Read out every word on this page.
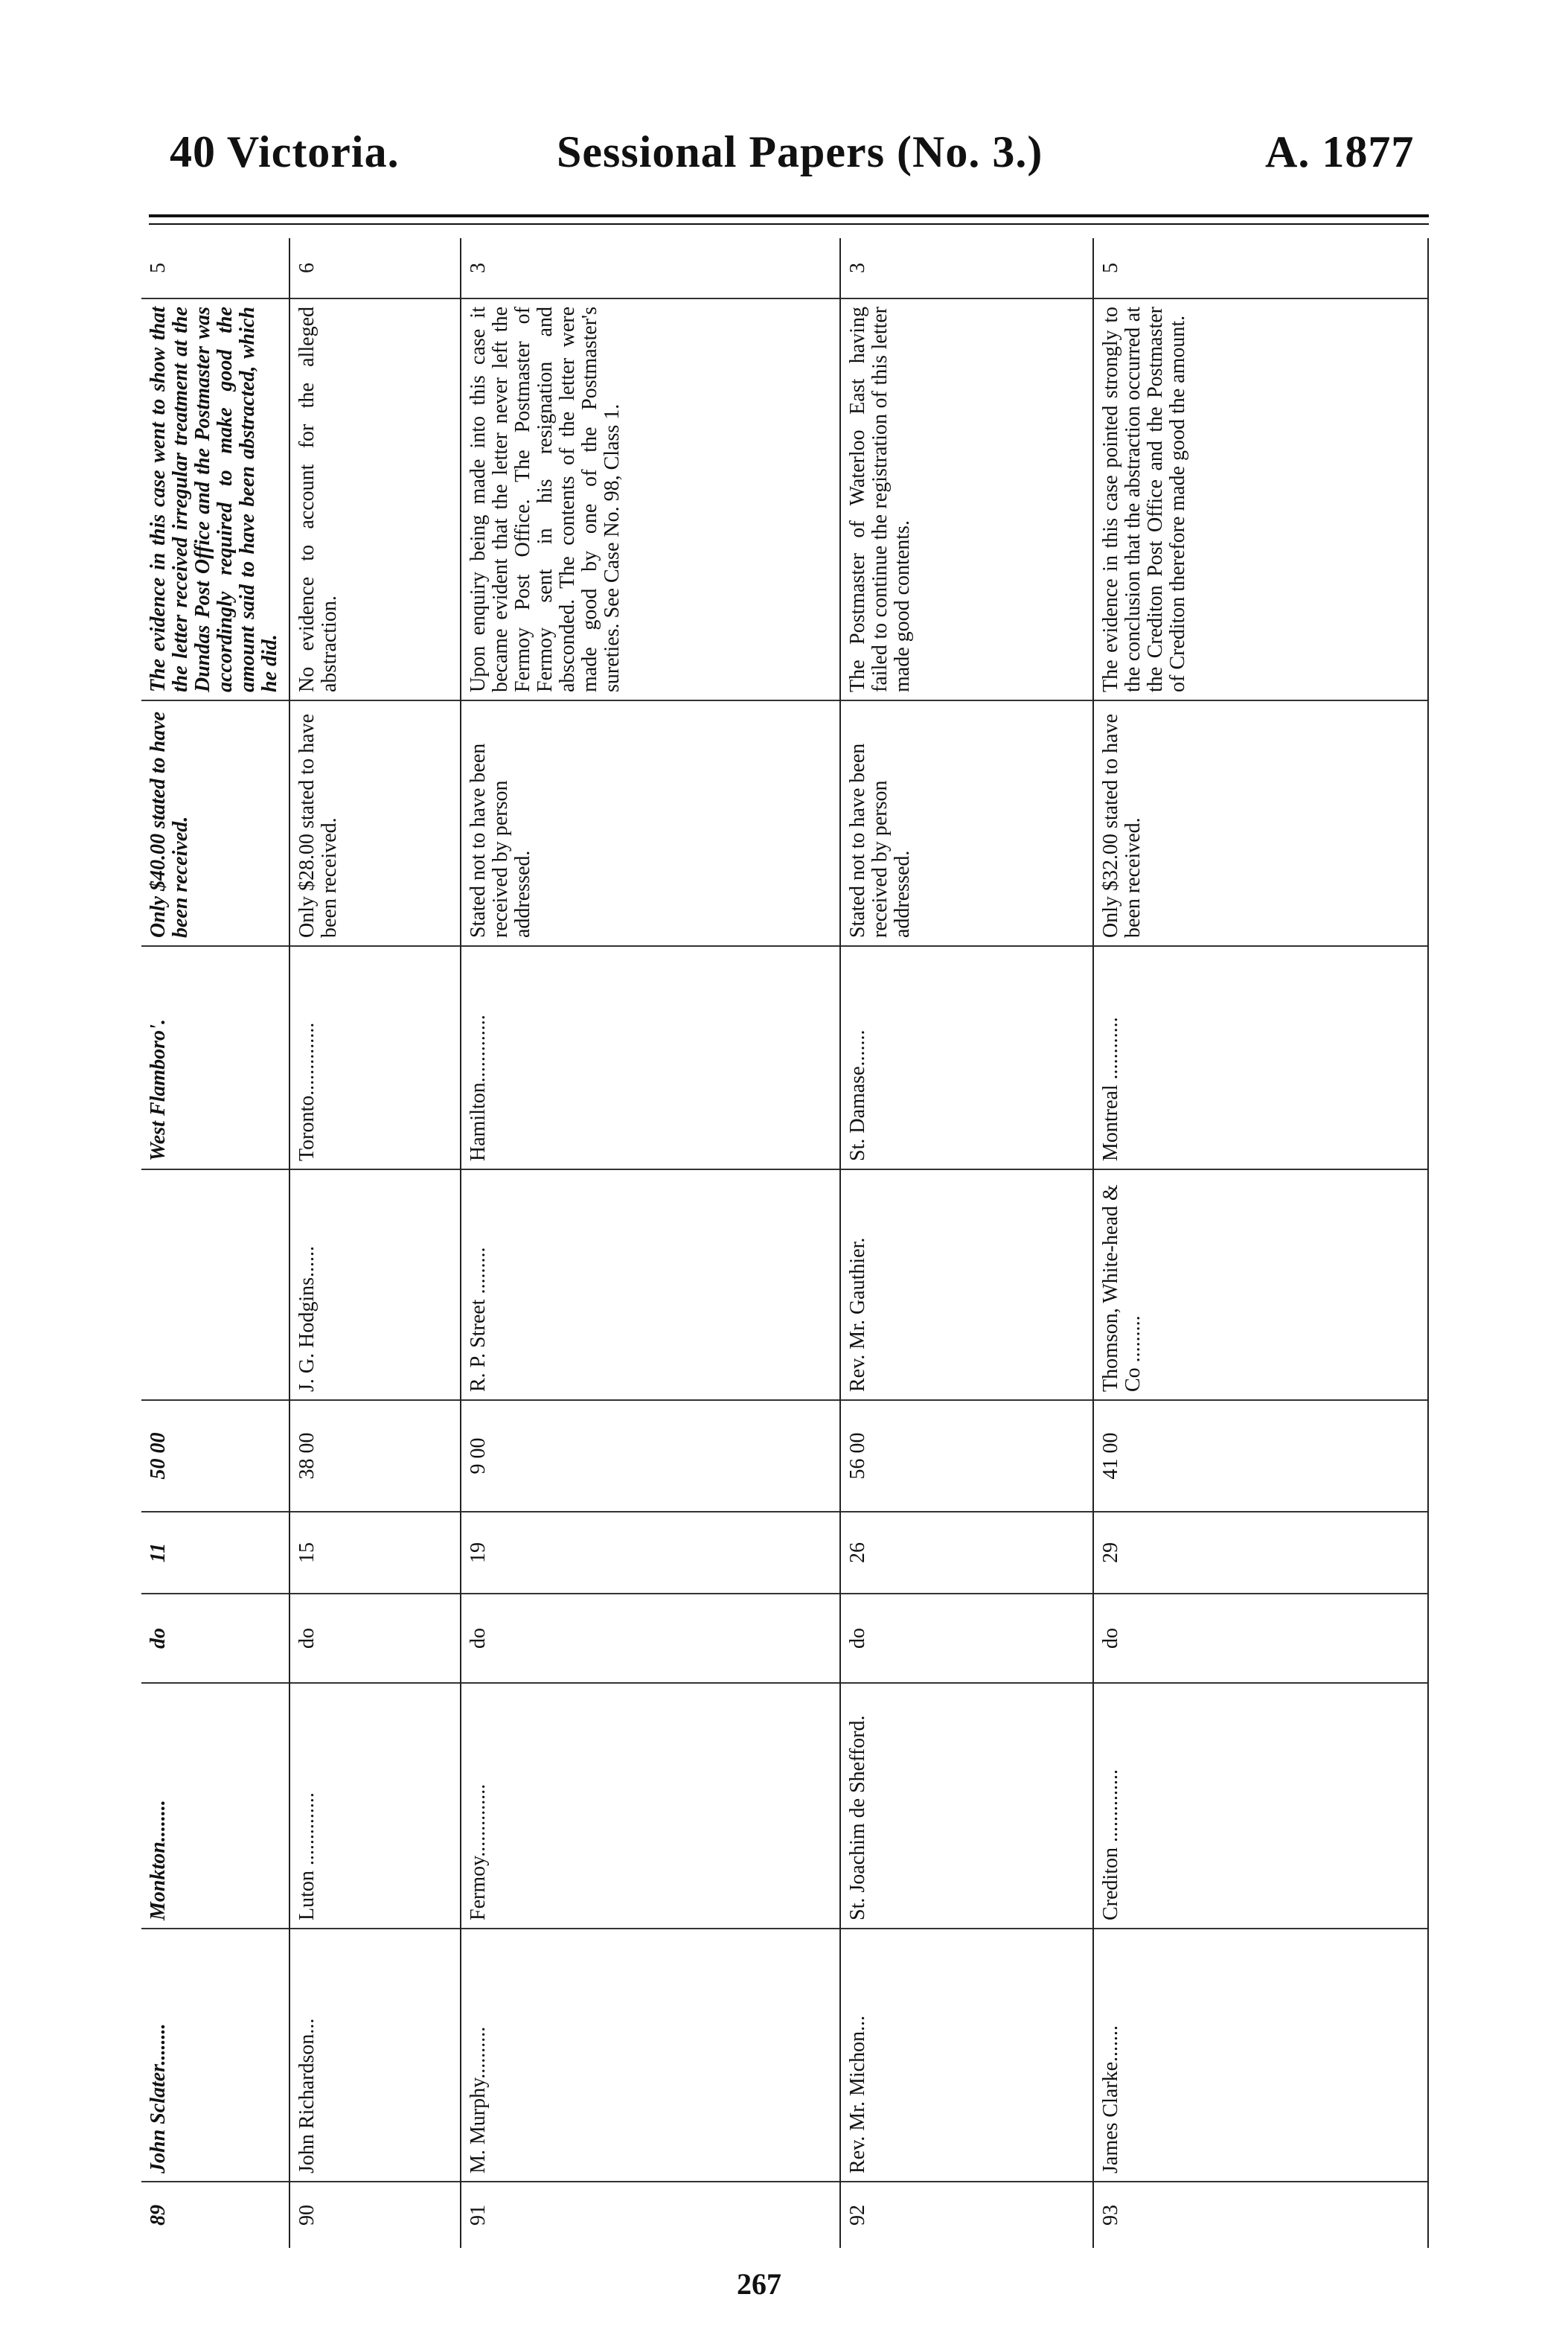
40 Victoria.	Sessional Papers (No. 3.)	A. 1877
89
John Sclater........
Monkton........
do
11
50 00
West Flamboro'.
Only $40.00 stated to have been received.
The evidence in this case went to show that the letter received irregular treatment at the Dundas Post Office and the Postmaster was accordingly required to make good the amount said to have been abstracted, which he did.
5
90
John Richardson...
Luton ..............
do
15
38 00
J. G. Hodgins......
Toronto..............
Only $28.00 stated to have been received.
No evidence to account for the alleged abstraction.
6
91
M. Murphy..........
Fermoy..............
do
19
9 00
R. P. Street .........
Hamilton.............
Stated not to have been received by person addressed.
Upon enquiry being made into this case it became evident that the letter never left the Fermoy Post Office. The Postmaster of Fermoy sent in his resignation and absconded. The contents of the letter were made good by one of the Postmaster's sureties. See Case No. 98, Class 1.
3
92
Rev. Mr. Michon...
St. Joachim de Shefford.
do
26
56 00
Rev. Mr. Gauthier.
St. Damase.......
Stated not to have been received by person addressed.
The Postmaster of Waterloo East having failed to continue the registration of this letter made good contents.
3
93
James Clarke.......
Crediton ..............
do
29
41 00
Thomson, White-head & Co .........
Montreal ............
Only $32.00 stated to have been received.
The evidence in this case pointed strongly to the conclusion that the abstraction occurred at the Crediton Post Office and the Postmaster of Crediton therefore made good the amount.
5
267
